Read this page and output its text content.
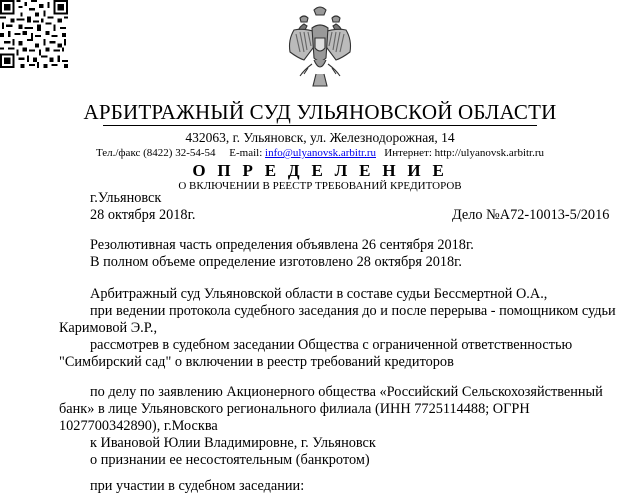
АРБИТРАЖНЫЙ СУД УЛЬЯНОВСКОЙ ОБЛАСТИ
432063, г. Ульяновск, ул. Железнодорожная, 14
Тел./факс (8422) 32-54-54 E-mail: info@ulyanovsk.arbitr.ru Интернет: http://ulyanovsk.arbitr.ru
О П Р Е Д Е Л Е Н И Е
О ВКЛЮЧЕНИИ В РЕЕСТР ТРЕБОВАНИЙ КРЕДИТОРОВ
г.Ульяновск
28 октября 2018г.	Дело №А72-10013-5/2016
Резолютивная часть определения объявлена 26 сентября 2018г.
В полном объеме определение изготовлено 28 октября 2018г.
Арбитражный суд Ульяновской области в составе судьи Бессмертной О.А.,
при ведении протокола судебного заседания до и после перерыва - помощником судьи
Каримовой Э.Р.,
рассмотрев в судебном заседании Общества с ограниченной ответственностью
"Симбирский сад" о включении в реестр требований кредиторов
по делу по заявлению Акционерного общества «Российский Сельскохозяйственный
банк» в лице Ульяновского регионального филиала (ИНН 7725114488; ОГРН
1027700342890), г.Москва
к Ивановой Юлии Владимировне, г. Ульяновск
о признании ее несостоятельным (банкротом)
при участии в судебном заседании:
